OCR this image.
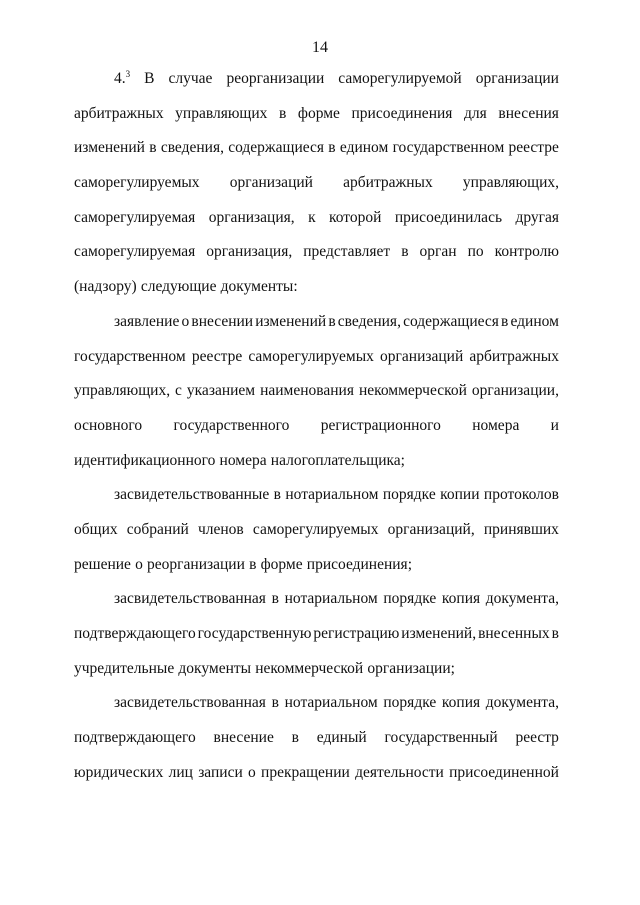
14
4.$^3$ В случае реорганизации саморегулируемой организации
арбитражных управляющих в форме присоединения для внесения
изменений в сведения, содержащиеся в едином государственном реестре
саморегулируемых организаций арбитражных управляющих,
саморегулируемая организация, к которой присоединилась другая
саморегулируемая организация, представляет в орган по контролю
(надзору) следующие документы:
заявление о внесении изменений в сведения, содержащиеся в едином
государственном реестре саморегулируемых организаций арбитражных
управляющих, с указанием наименования некоммерческой организации,
основного государственного регистрационного номера и
идентификационного номера налогоплательщика;
засвидетельствованные в нотариальном порядке копии протоколов
общих собраний членов саморегулируемых организаций, принявших
решение о реорганизации в форме присоединения;
засвидетельствованная в нотариальном порядке копия документа,
подтверждающего государственную регистрацию изменений, внесенных в
учредительные документы некоммерческой организации;
засвидетельствованная в нотариальном порядке копия документа,
подтверждающего внесение в единый государственный реестр
юридических лиц записи о прекращении деятельности присоединенной
